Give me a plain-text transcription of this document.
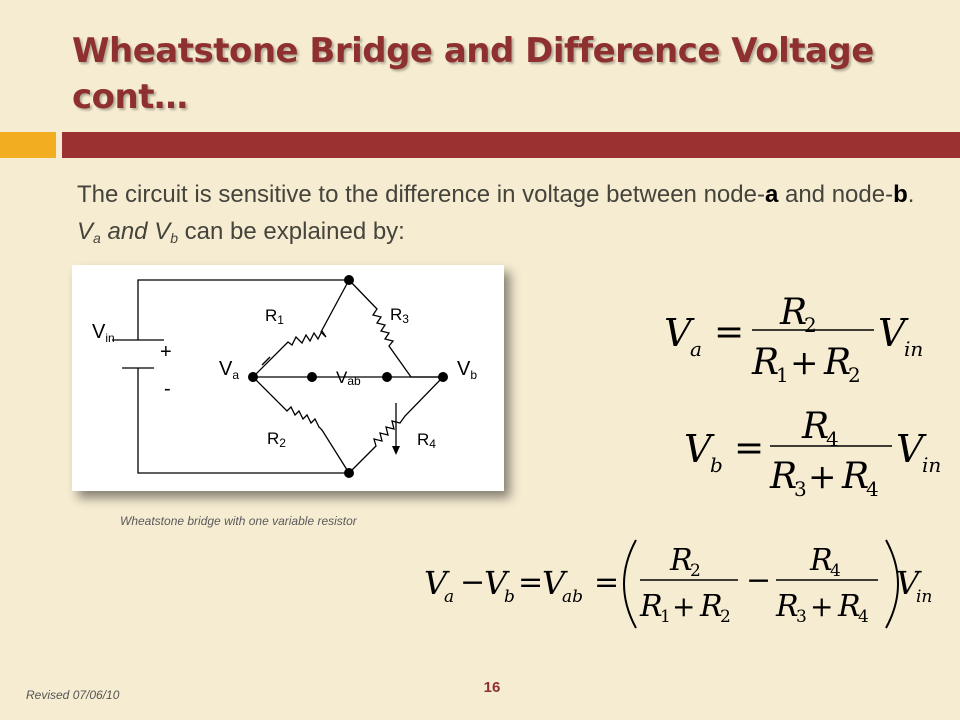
Wheatstone Bridge and Difference Voltage cont…

The circuit is sensitive to the difference in voltage between node-a and node-b. $V_a$ and $V_b$ can be explained by:

$V_{in}$
+
-
$V_a$	$V_b$
Vab
R1	R3
R2	R4
Wheatstone bridge with one variable resistor
V
a = R
2
R
1 + R
2
V
in
V
b =
R
4
R
3 + R
4
V
in
V
a −
V
b =
V
ab =
R
2
R
1 + R
2
−
R
4
R
3 + R
4
V
in
Revised 07/06/10	16
